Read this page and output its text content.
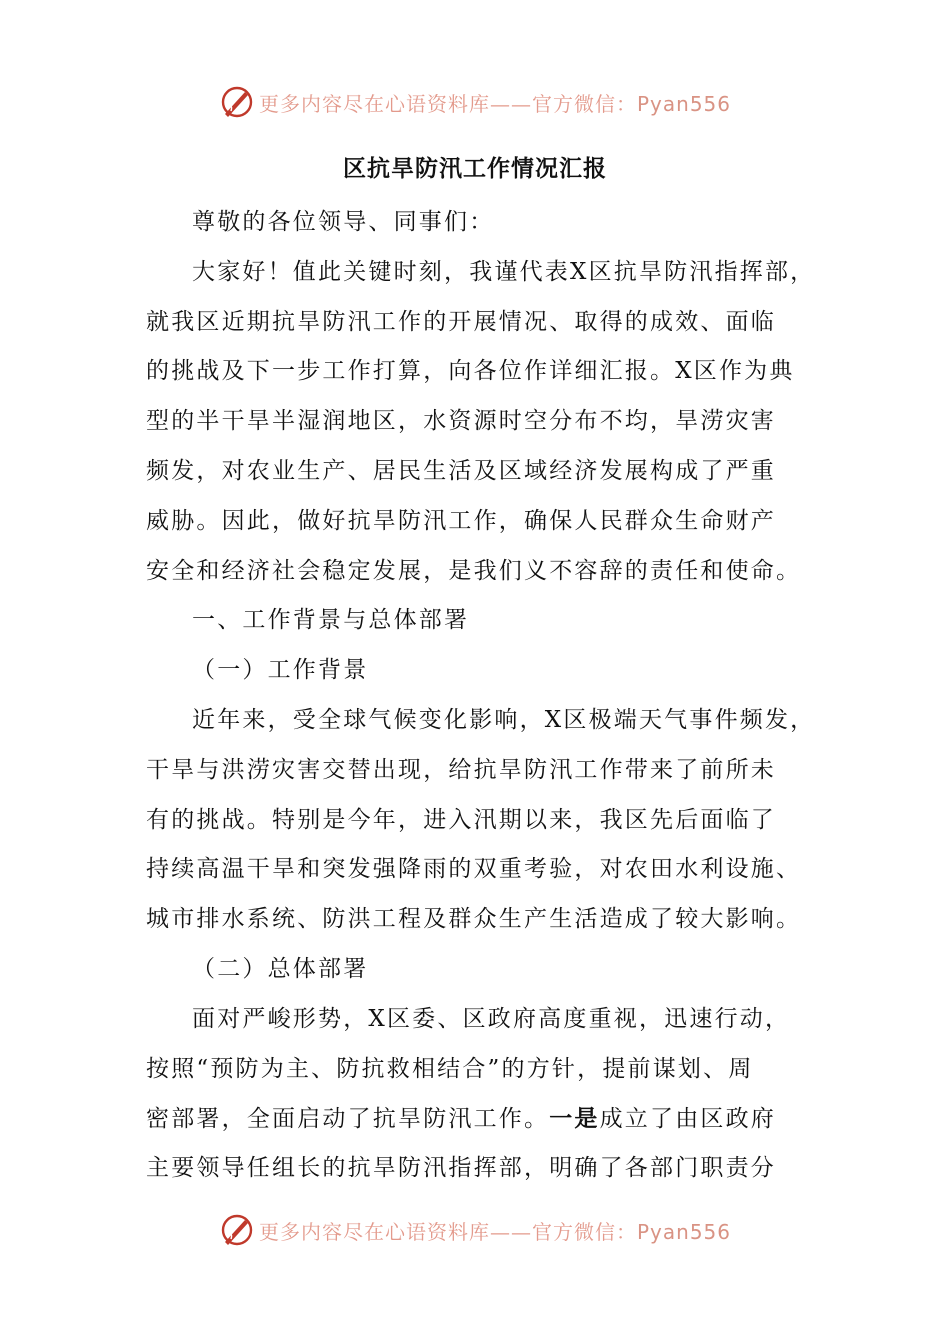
更多内容尽在心语资料库——官方微信：Pyan556
区抗旱防汛工作情况汇报
尊敬的各位领导、同事们：
大家好！值此关键时刻，我谨代表X区抗旱防汛指挥部，
就我区近期抗旱防汛工作的开展情况、取得的成效、面临
的挑战及下一步工作打算，向各位作详细汇报。X区作为典
型的半干旱半湿润地区，水资源时空分布不均，旱涝灾害
频发，对农业生产、居民生活及区域经济发展构成了严重
威胁。因此，做好抗旱防汛工作，确保人民群众生命财产
安全和经济社会稳定发展，是我们义不容辞的责任和使命。
一、工作背景与总体部署
（一）工作背景
近年来，受全球气候变化影响，X区极端天气事件频发，
干旱与洪涝灾害交替出现，给抗旱防汛工作带来了前所未
有的挑战。特别是今年，进入汛期以来，我区先后面临了
持续高温干旱和突发强降雨的双重考验，对农田水利设施、
城市排水系统、防洪工程及群众生产生活造成了较大影响。
（二）总体部署
面对严峻形势，X区委、区政府高度重视，迅速行动，
按照“预防为主、防抗救相结合”的方针，提前谋划、周
密部署，全面启动了抗旱防汛工作。一是成立了由区政府
主要领导任组长的抗旱防汛指挥部，明确了各部门职责分
更多内容尽在心语资料库——官方微信：Pyan556
